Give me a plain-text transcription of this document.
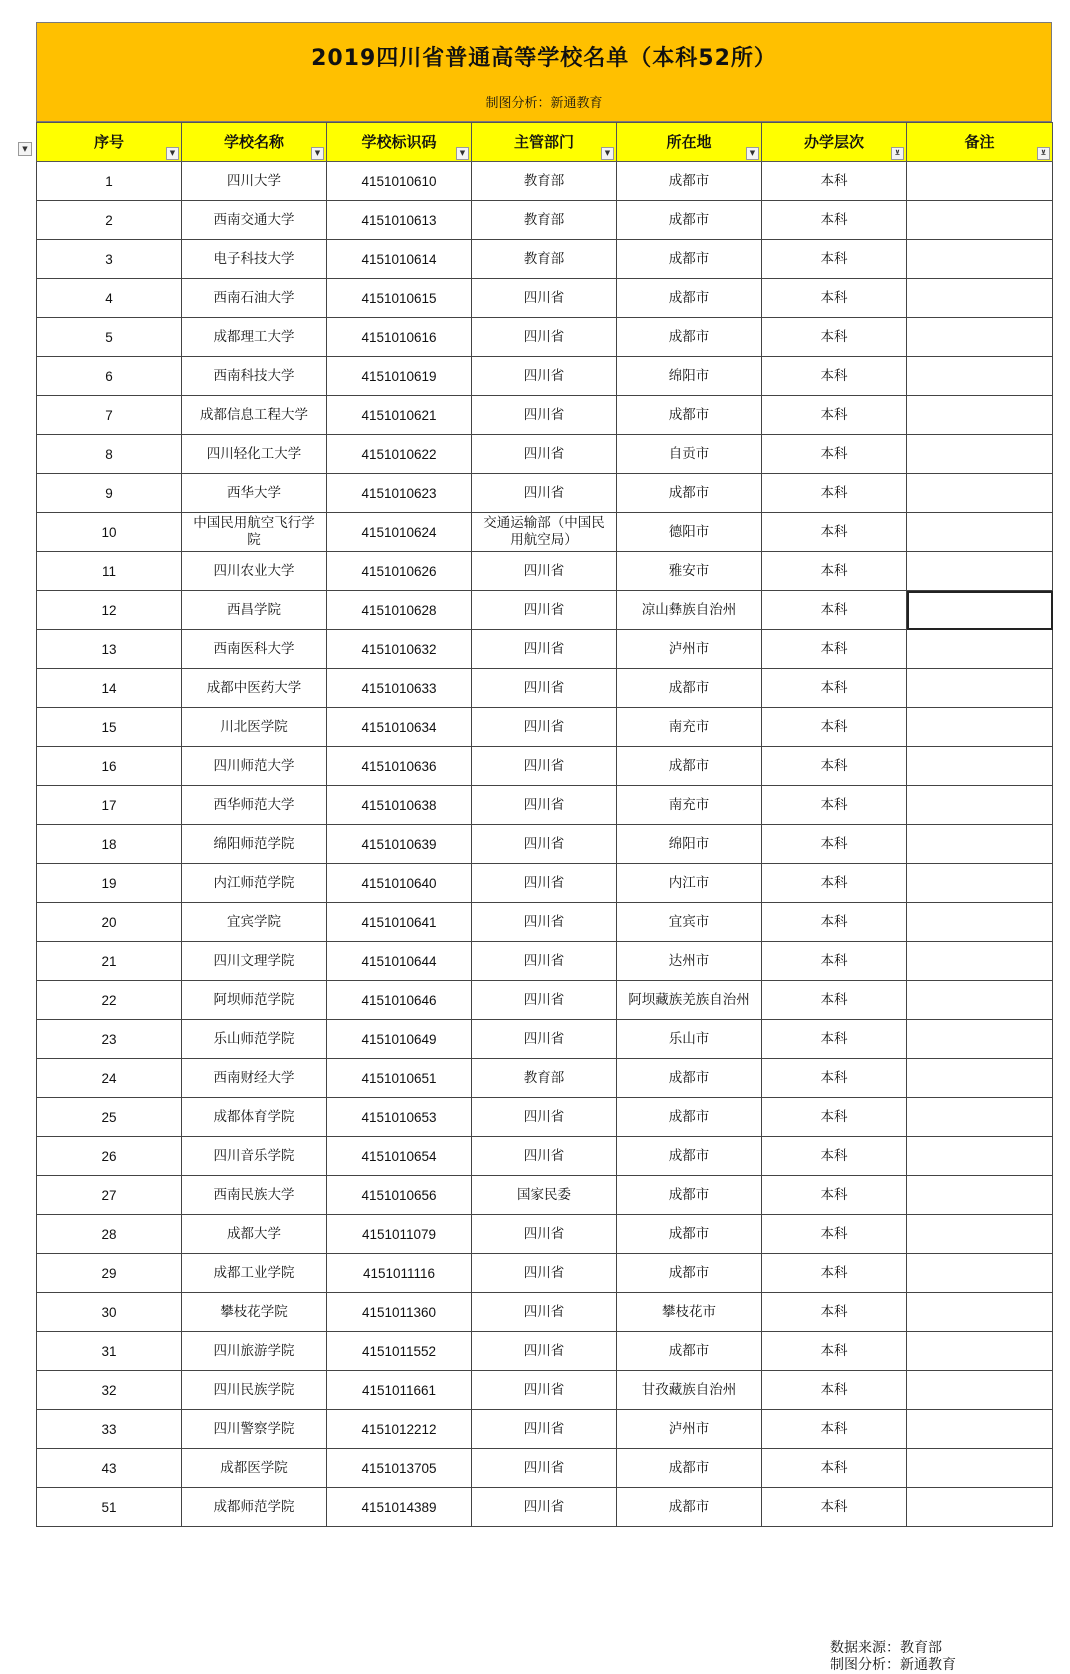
▼
2019四川省普通高等学校名单（本科52所）
制图分析：新通教育
序号
▼	学校名称
▼	学校标识码
▼	主管部门
▼	所在地
▼	办学层次
⊻	备注
⊻

1	四川大学	4151010610	教育部	成都市	本科	
2	西南交通大学	4151010613	教育部	成都市	本科	
3	电子科技大学	4151010614	教育部	成都市	本科	
4	西南石油大学	4151010615	四川省	成都市	本科	
5	成都理工大学	4151010616	四川省	成都市	本科	
6	西南科技大学	4151010619	四川省	绵阳市	本科	
7	成都信息工程大学	4151010621	四川省	成都市	本科	
8	四川轻化工大学	4151010622	四川省	自贡市	本科	
9	西华大学	4151010623	四川省	成都市	本科	
10	中国民用航空飞行学院	4151010624	交通运输部（中国民用航空局）	德阳市	本科	
11	四川农业大学	4151010626	四川省	雅安市	本科	
12	西昌学院	4151010628	四川省	凉山彝族自治州	本科	
13	西南医科大学	4151010632	四川省	泸州市	本科	
14	成都中医药大学	4151010633	四川省	成都市	本科	
15	川北医学院	4151010634	四川省	南充市	本科	
16	四川师范大学	4151010636	四川省	成都市	本科	
17	西华师范大学	4151010638	四川省	南充市	本科	
18	绵阳师范学院	4151010639	四川省	绵阳市	本科	
19	内江师范学院	4151010640	四川省	内江市	本科	
20	宜宾学院	4151010641	四川省	宜宾市	本科	
21	四川文理学院	4151010644	四川省	达州市	本科	
22	阿坝师范学院	4151010646	四川省	阿坝藏族羌族自治州	本科	
23	乐山师范学院	4151010649	四川省	乐山市	本科	
24	西南财经大学	4151010651	教育部	成都市	本科	
25	成都体育学院	4151010653	四川省	成都市	本科	
26	四川音乐学院	4151010654	四川省	成都市	本科	
27	西南民族大学	4151010656	国家民委	成都市	本科	
28	成都大学	4151011079	四川省	成都市	本科	
29	成都工业学院	4151011116	四川省	成都市	本科	
30	攀枝花学院	4151011360	四川省	攀枝花市	本科	
31	四川旅游学院	4151011552	四川省	成都市	本科	
32	四川民族学院	4151011661	四川省	甘孜藏族自治州	本科	
33	四川警察学院	4151012212	四川省	泸州市	本科	
43	成都医学院	4151013705	四川省	成都市	本科	
51	成都师范学院	4151014389	四川省	成都市	本科	
数据来源：教育部
制图分析：新通教育
